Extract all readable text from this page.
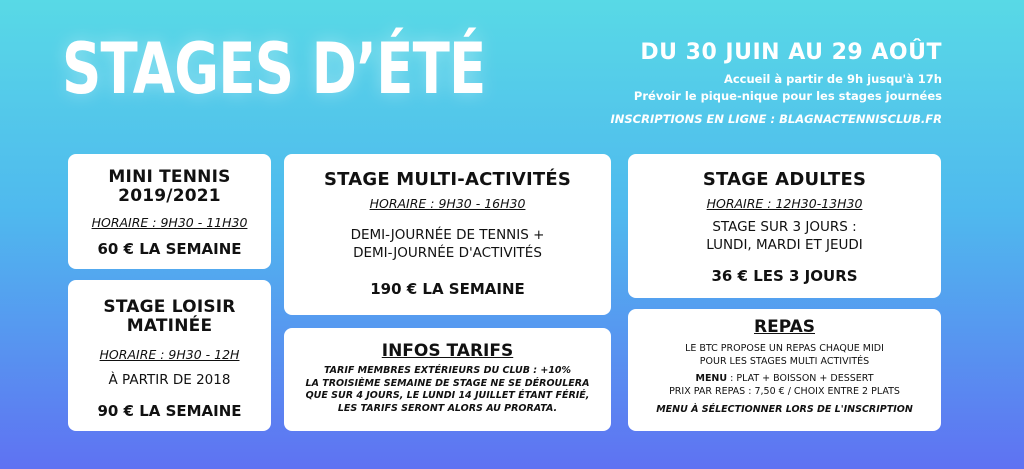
STAGES D’ÉTÉ	DU 30 JUIN AU 29 AOÛT
Accueil à partir de 9h jusqu'à 17h
Prévoir le pique-nique pour les stages journées
INSCRIPTIONS EN LIGNE : BLAGNACTENNISCLUB.FR
MINI TENNIS
2019/2021
HORAIRE : 9H30 - 11H30
60 € LA SEMAINE
STAGE LOISIR
MATINÉE
HORAIRE : 9H30 - 12H
À PARTIR DE 2018
90 € LA SEMAINE
STAGE MULTI-ACTIVITÉS
HORAIRE : 9H30 - 16H30
DEMI-JOURNÉE DE TENNIS +
DEMI-JOURNÉE D'ACTIVITÉS
190 € LA SEMAINE
INFOS TARIFS
TARIF MEMBRES EXTÉRIEURS DU CLUB : +10%
LA TROISIÈME SEMAINE DE STAGE NE SE DÉROULERA
QUE SUR 4 JOURS, LE LUNDI 14 JUILLET ÉTANT FÉRIÉ,
LES TARIFS SERONT ALORS AU PRORATA.
STAGE ADULTES
HORAIRE : 12H30-13H30
STAGE SUR 3 JOURS :
LUNDI, MARDI ET JEUDI
36 € LES 3 JOURS
REPAS
LE BTC PROPOSE UN REPAS CHAQUE MIDI
POUR LES STAGES MULTI ACTIVITÉS
MENU : PLAT + BOISSON + DESSERT
PRIX PAR REPAS : 7,50 € / CHOIX ENTRE 2 PLATS
MENU À SÉLECTIONNER LORS DE L'INSCRIPTION
